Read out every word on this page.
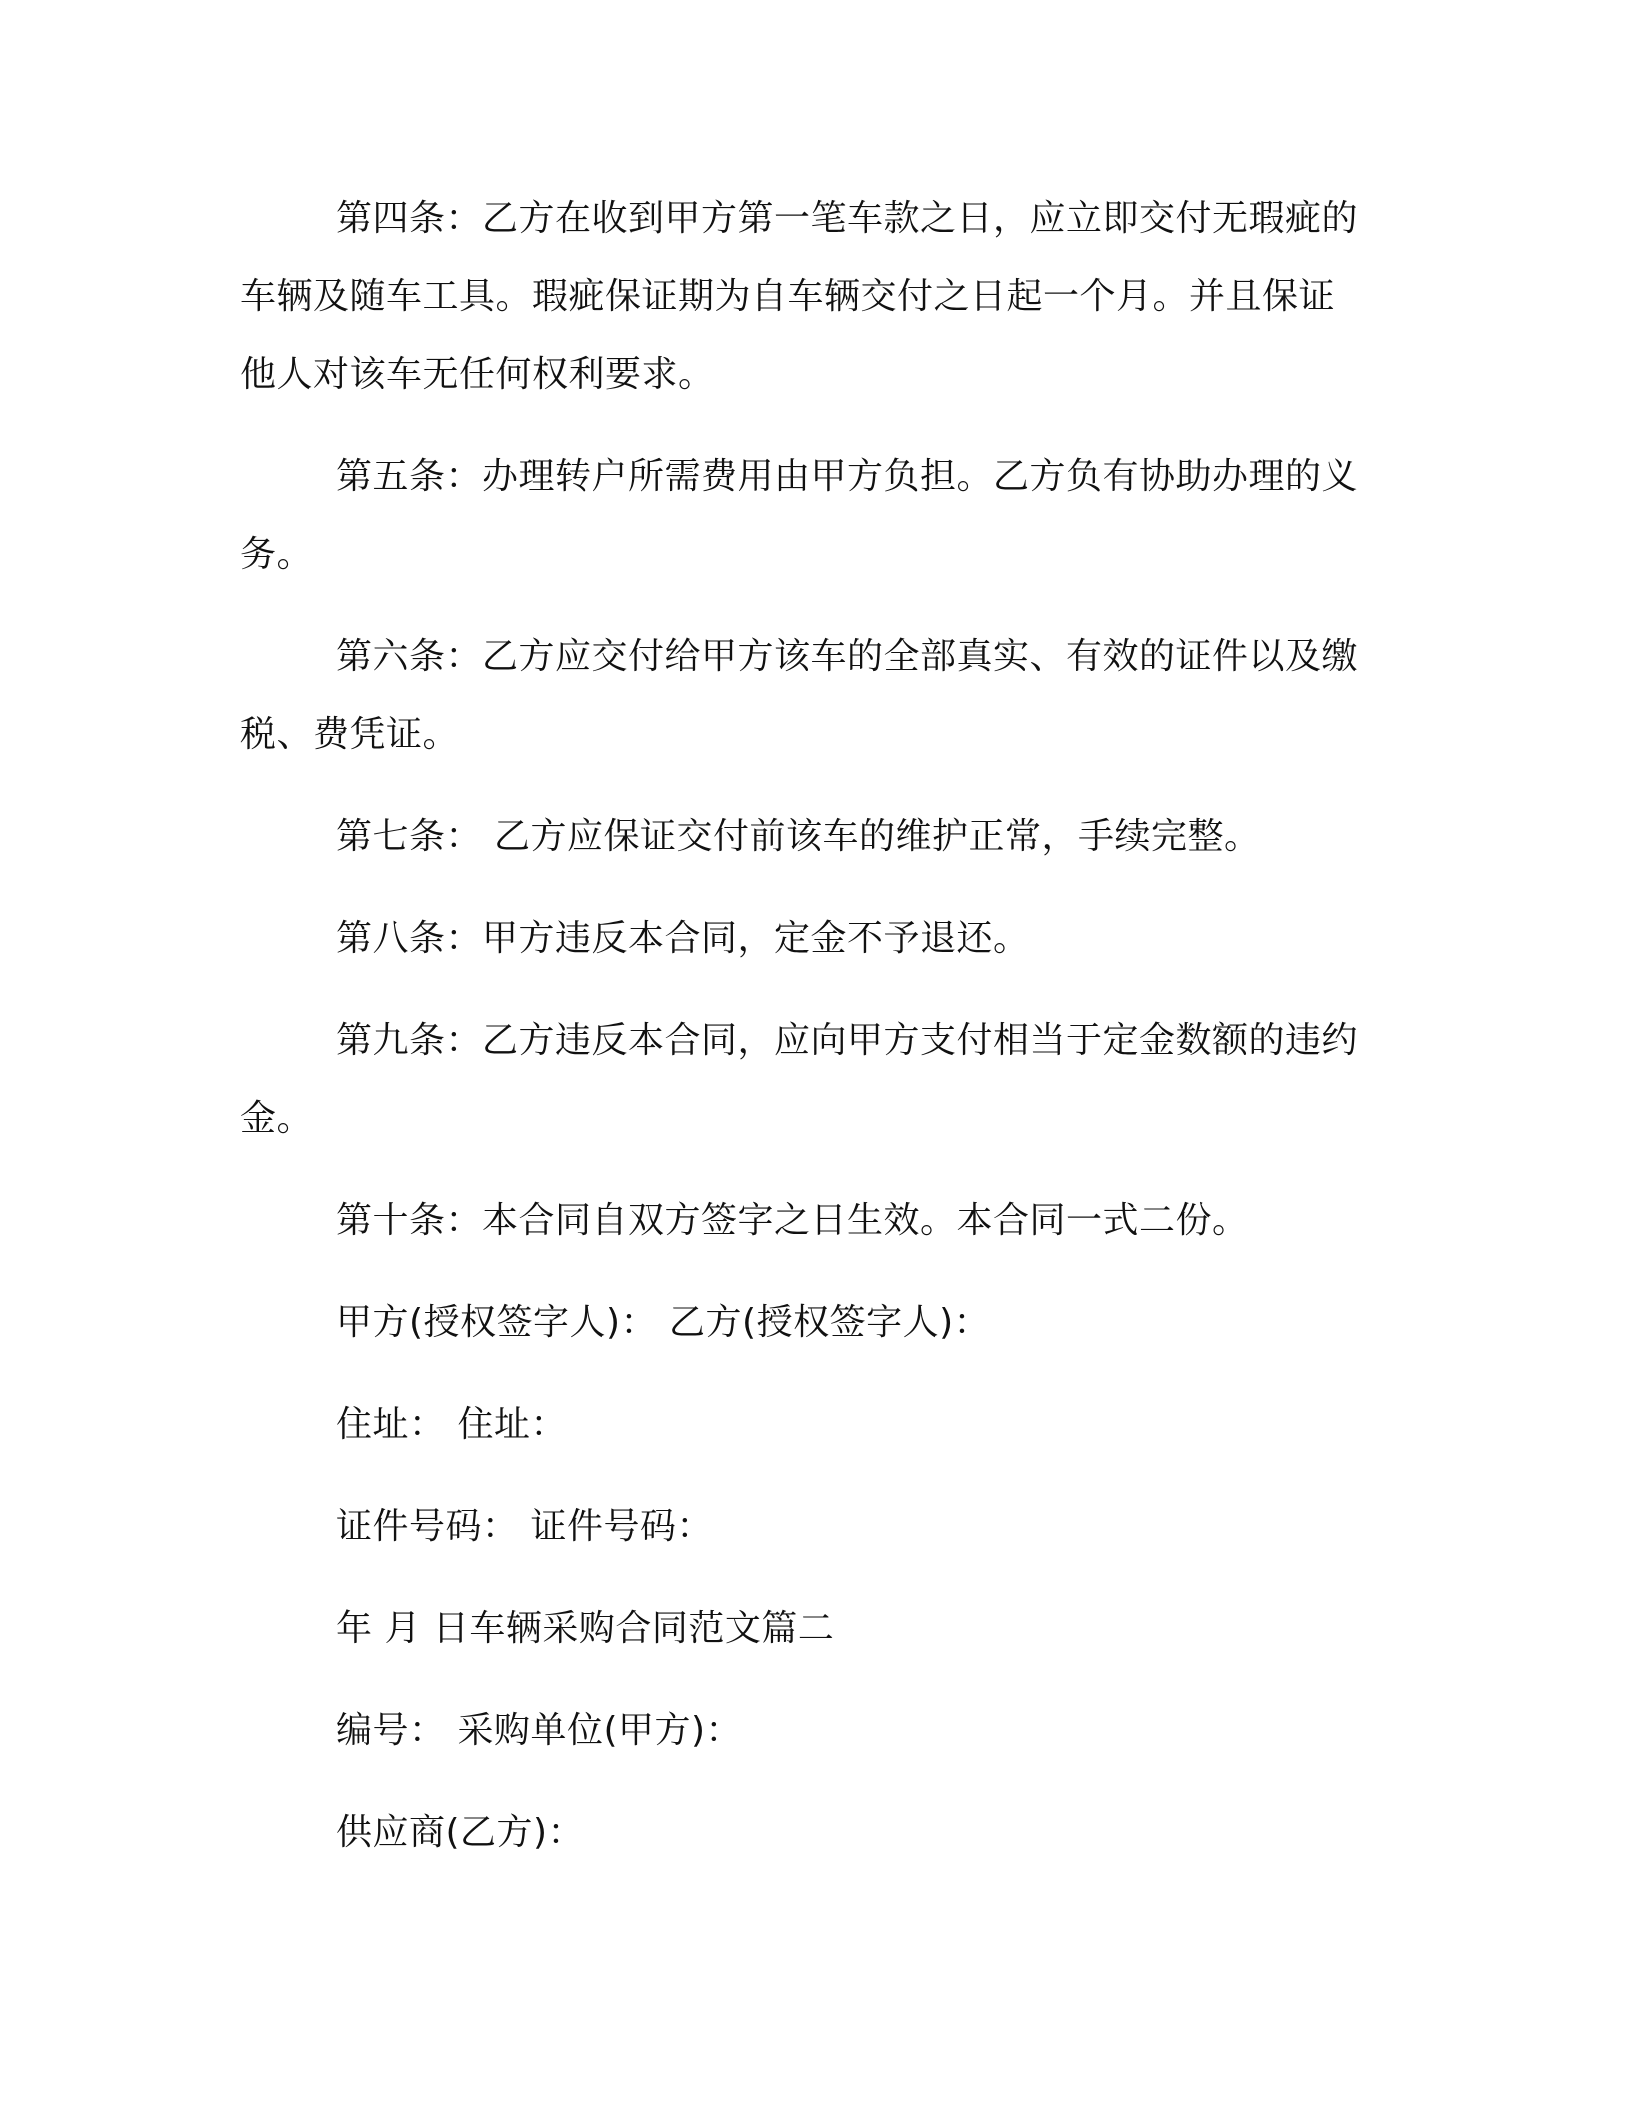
第四条：乙方在收到甲方第一笔车款之日，应立即交付无瑕疵的车辆及随车工具。瑕疵保证期为自车辆交付之日起一个月。并且保证他人对该车无任何权利要求。

第五条：办理转户所需费用由甲方负担。乙方负有协助办理的义务。

第六条：乙方应交付给甲方该车的全部真实、有效的证件以及缴税、费凭证。

第七条： 乙方应保证交付前该车的维护正常，手续完整。

第八条：甲方违反本合同，定金不予退还。

第九条：乙方违反本合同，应向甲方支付相当于定金数额的违约金。

第十条：本合同自双方签字之日生效。本合同一式二份。

甲方(授权签字人)： 乙方(授权签字人)：

住址： 住址：

证件号码： 证件号码：

年 月 日车辆采购合同范文篇二

编号： 采购单位(甲方)：

供应商(乙方)：
